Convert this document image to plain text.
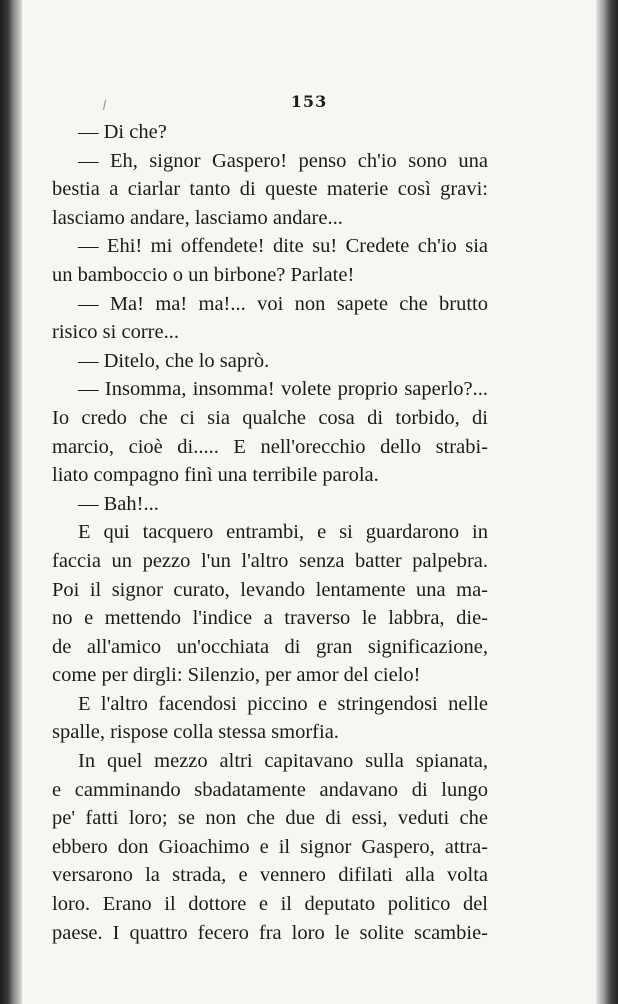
153
— Di che?
— Eh, signor Gaspero! penso ch'io sono una
bestia a ciarlar tanto di queste materie così gravi:
lasciamo andare, lasciamo andare...
— Ehi! mi offendete! dite su! Credete ch'io sia
un bamboccio o un birbone? Parlate!
— Ma! ma! ma!... voi non sapete che brutto
risico si corre...
— Ditelo, che lo saprò.
— Insomma, insomma! volete proprio saperlo?...
Io credo che ci sia qualche cosa di torbido, di
marcio, cioè di..... E nell'orecchio dello strabi-
liato compagno finì una terribile parola.
— Bah!...
E qui tacquero entrambi, e si guardarono in
faccia un pezzo l'un l'altro senza batter palpebra.
Poi il signor curato, levando lentamente una ma-
no e mettendo l'indice a traverso le labbra, die-
de all'amico un'occhiata di gran significazione,
come per dirgli: Silenzio, per amor del cielo!
E l'altro facendosi piccino e stringendosi nelle
spalle, rispose colla stessa smorfia.
In quel mezzo altri capitavano sulla spianata,
e camminando sbadatamente andavano di lungo
pe' fatti loro; se non che due di essi, veduti che
ebbero don Gioachimo e il signor Gaspero, attra-
versarono la strada, e vennero difilati alla volta
loro. Erano il dottore e il deputato politico del
paese. I quattro fecero fra loro le solite scambie-
